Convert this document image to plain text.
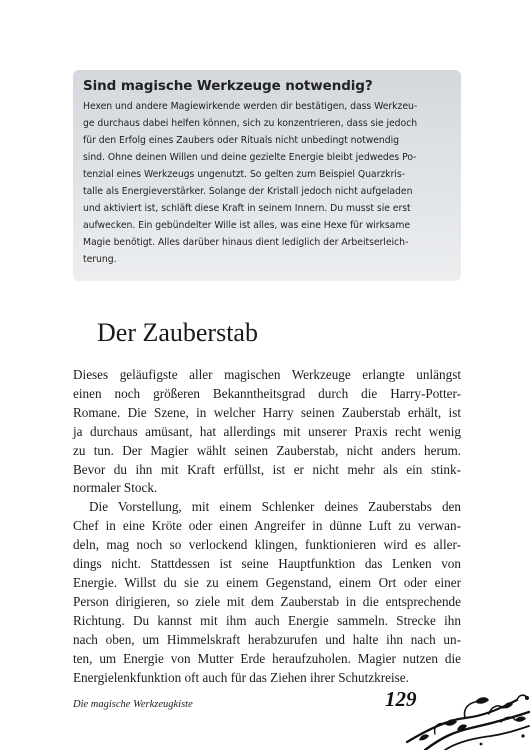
Sind magische Werkzeuge notwendig?
Hexen und andere Magiewirkende werden dir bestätigen, dass Werkzeu-
ge durchaus dabei helfen können, sich zu konzentrieren, dass sie jedoch
für den Erfolg eines Zaubers oder Rituals nicht unbedingt notwendig
sind. Ohne deinen Willen und deine gezielte Energie bleibt jedwedes Po-
tenzial eines Werkzeugs ungenutzt. So gelten zum Beispiel Quarzkris-
talle als Energieverstärker. Solange der Kristall jedoch nicht aufgeladen
und aktiviert ist, schläft diese Kraft in seinem Innern. Du musst sie erst
aufwecken. Ein gebündelter Wille ist alles, was eine Hexe für wirksame
Magie benötigt. Alles darüber hinaus dient lediglich der Arbeitserleich-
terung.
Der Zauberstab
Dieses geläufigste aller magischen Werkzeuge erlangte unlängst
einen noch größeren Bekanntheitsgrad durch die Harry-Potter-
Romane. Die Szene, in welcher Harry seinen Zauberstab erhält, ist
ja durchaus amüsant, hat allerdings mit unserer Praxis recht wenig
zu tun. Der Magier wählt seinen Zauberstab, nicht anders herum.
Bevor du ihn mit Kraft erfüllst, ist er nicht mehr als ein stink-
normaler Stock.
Die Vorstellung, mit einem Schlenker deines Zauberstabs den
Chef in eine Kröte oder einen Angreifer in dünne Luft zu verwan-
deln, mag noch so verlockend klingen, funktionieren wird es aller-
dings nicht. Stattdessen ist seine Hauptfunktion das Lenken von
Energie. Willst du sie zu einem Gegenstand, einem Ort oder einer
Person dirigieren, so ziele mit dem Zauberstab in die entsprechende
Richtung. Du kannst mit ihm auch Energie sammeln. Strecke ihn
nach oben, um Himmelskraft herabzurufen und halte ihn nach un-
ten, um Energie von Mutter Erde heraufzuholen. Magier nutzen die
Energielenkfunktion oft auch für das Ziehen ihrer Schutzkreise.
Die magische Werkzeugkiste	129
